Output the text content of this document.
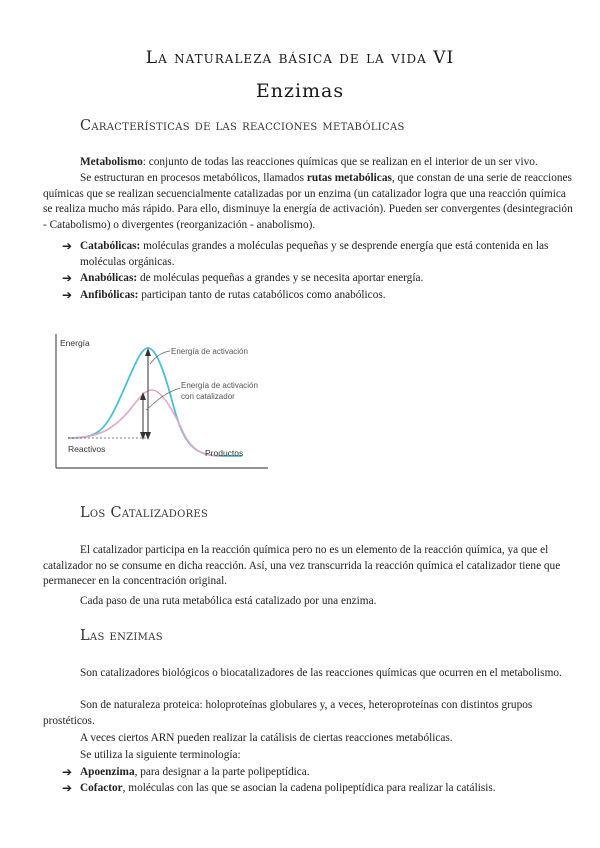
La naturaleza básica de la vida VI
Enzimas
Características de las reacciones metabólicas
Metabolismo: conjunto de todas las reacciones químicas que se realizan en el interior de un ser vivo.
Se estructuran en procesos metabólicos, llamados rutas metabólicas, que constan de una serie de reacciones químicas que se realizan secuencialmente catalizadas por un enzima (un catalizador logra que una reacción química se realiza mucho más rápido. Para ello, disminuye la energía de activación). Pueden ser convergentes (desintegración - Catabolismo) o divergentes (reorganización - anabolismo).
➔ Catabólicas: moléculas grandes a moléculas pequeñas y se desprende energía que está contenida en las moléculas orgánicas.
➔ Anabólicas: de moléculas pequeñas a grandes y se necesita aportar energía.
➔ Anfibólicas: participan tanto de rutas catabólicos como anabólicos.
Energía
Energía de activación
Energía de activación
con catalizador
Reactivos	Productos
Los Catalizadores
El catalizador participa en la reacción química pero no es un elemento de la reacción química, ya que el catalizador no se consume en dicha reacción. Así, una vez transcurrida la reacción química el catalizador tiene que permanecer en la concentración original.
Cada paso de una ruta metabólica está catalizado por una enzima.
Las enzimas
Son catalizadores biológicos o biocatalizadores de las reacciones químicas que ocurren en el metabolismo.
Son de naturaleza proteica: holoproteínas globulares y, a veces, heteroproteínas con distintos grupos prostéticos.
A veces ciertos ARN pueden realizar la catálisis de ciertas reacciones metabólicas.
Se utiliza la siguiente terminología:
➔ Apoenzima, para designar a la parte polipeptídica.
➔ Cofactor, moléculas con las que se asocian la cadena polipeptídica para realizar la catálisis.
